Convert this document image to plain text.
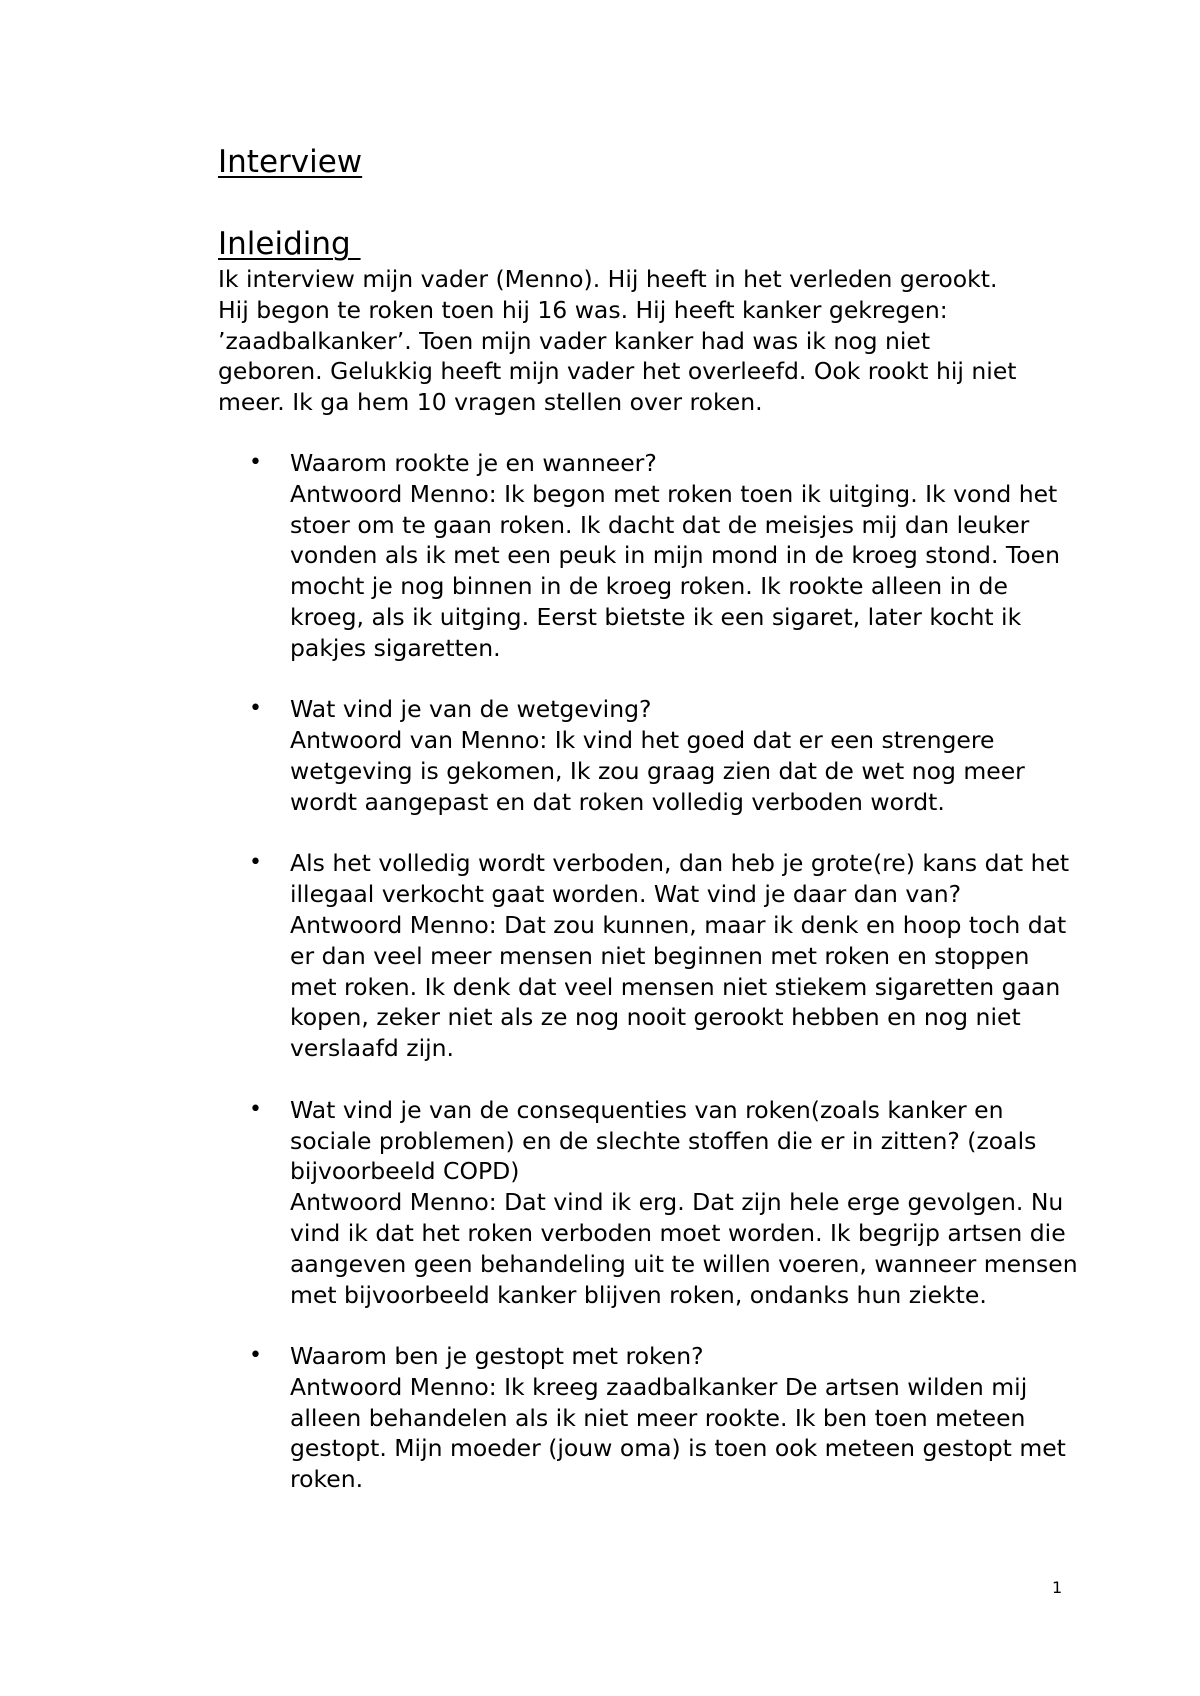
Interview
Inleiding

Ik interview mijn vader (Menno). Hij heeft in het verleden gerookt.
Hij begon te roken toen hij 16 was. Hij heeft kanker gekregen:
’zaadbalkanker’. Toen mijn vader kanker had was ik nog niet
geboren. Gelukkig heeft mijn vader het overleefd. Ook rookt hij niet
meer. Ik ga hem 10 vragen stellen over roken.

• Waarom rookte je en wanneer?
Antwoord Menno: Ik begon met roken toen ik uitging. Ik vond het stoer om te gaan roken. Ik dacht dat de meisjes mij dan leuker vonden als ik met een peuk in mijn mond in de kroeg stond. Toen mocht je nog binnen in de kroeg roken. Ik rookte alleen in de kroeg, als ik uitging. Eerst bietste ik een sigaret, later kocht ik pakjes sigaretten.
• Wat vind je van de wetgeving?
Antwoord van Menno: Ik vind het goed dat er een strengere wetgeving is gekomen, Ik zou graag zien dat de wet nog meer wordt aangepast en dat roken volledig verboden wordt.
• Als het volledig wordt verboden, dan heb je grote(re) kans dat het illegaal verkocht gaat worden. Wat vind je daar dan van?
Antwoord Menno: Dat zou kunnen, maar ik denk en hoop toch dat er dan veel meer mensen niet beginnen met roken en stoppen met roken. Ik denk dat veel mensen niet stiekem sigaretten gaan kopen, zeker niet als ze nog nooit gerookt hebben en nog niet verslaafd zijn.
• Wat vind je van de consequenties van roken(zoals kanker en sociale problemen) en de slechte stoffen die er in zitten? (zoals bijvoorbeeld COPD)
Antwoord Menno: Dat vind ik erg. Dat zijn hele erge gevolgen. Nu vind ik dat het roken verboden moet worden. Ik begrijp artsen die aangeven geen behandeling uit te willen voeren, wanneer mensen met bijvoorbeeld kanker blijven roken, ondanks hun ziekte.
• Waarom ben je gestopt met roken?
Antwoord Menno: Ik kreeg zaadbalkanker De artsen wilden mij alleen behandelen als ik niet meer rookte. Ik ben toen meteen gestopt. Mijn moeder (jouw oma) is toen ook meteen gestopt met roken.
1
